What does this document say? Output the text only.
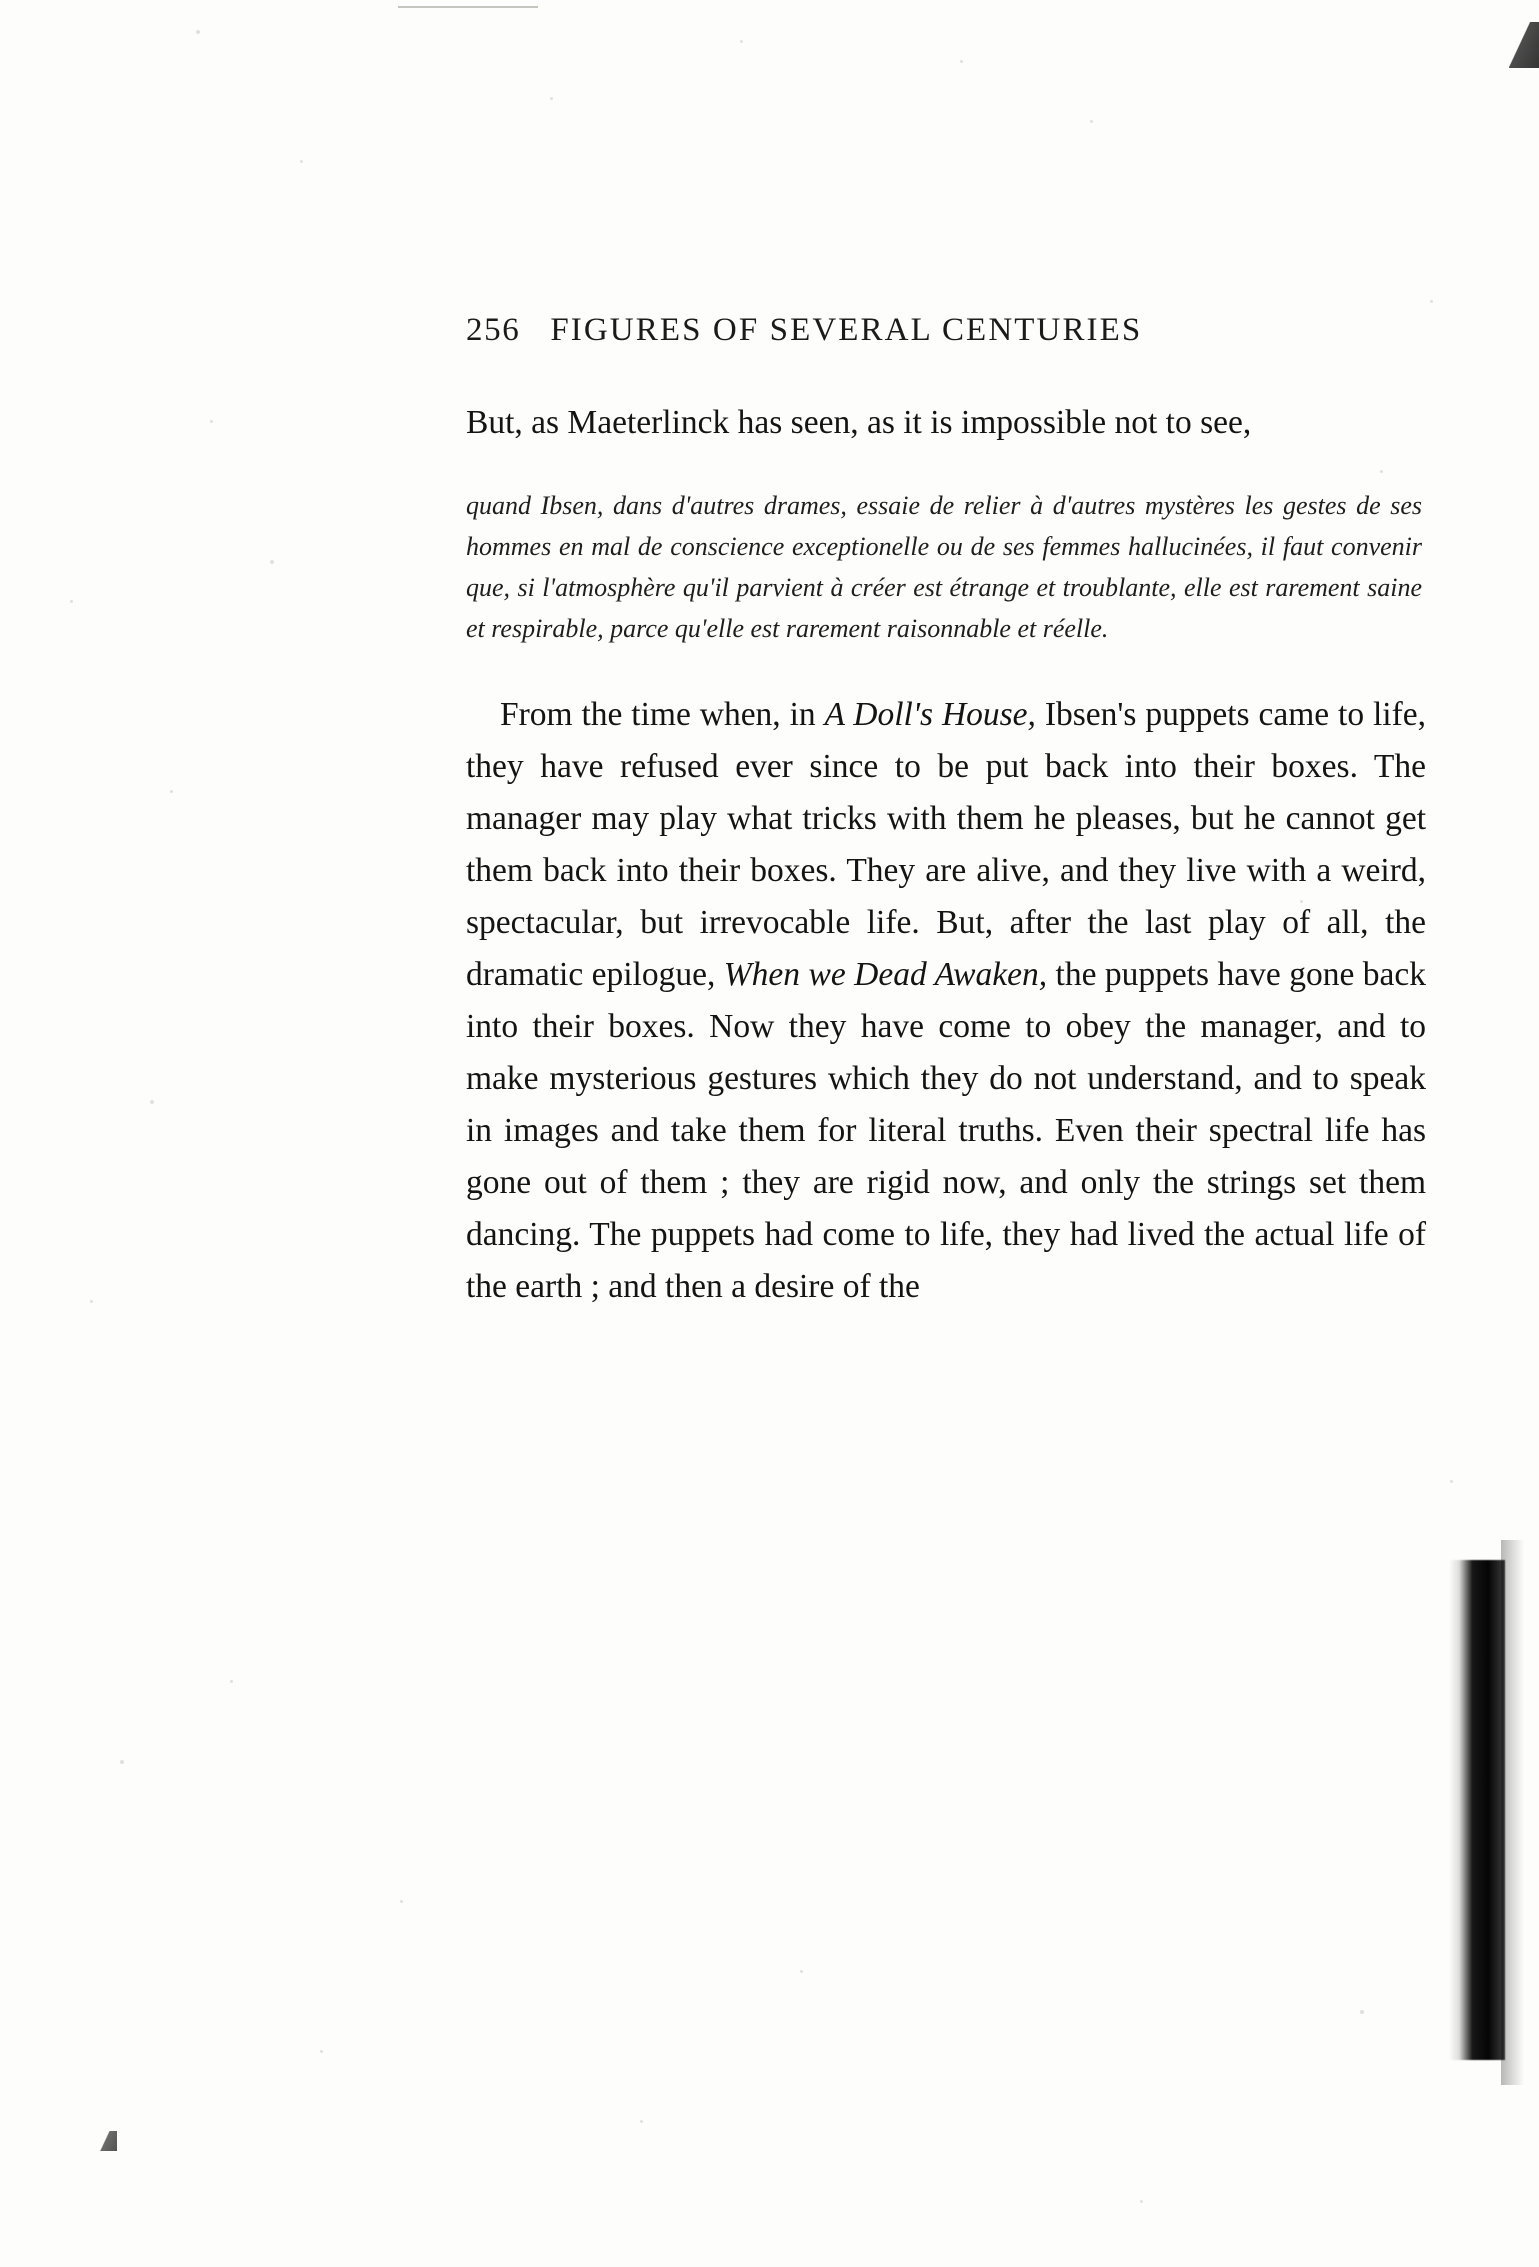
256 FIGURES OF SEVERAL CENTURIES

But, as Maeterlinck has seen, as it is impossible not to see,

quand Ibsen, dans d'autres drames, essaie de relier à d'autres mystères les gestes de ses hommes en mal de conscience exceptionelle ou de ses femmes hallucinées, il faut convenir que, si l'atmosphère qu'il parvient à créer est étrange et troublante, elle est rarement saine et respirable, parce qu'elle est rarement raisonnable et réelle.

From the time when, in A Doll's House, Ibsen's puppets came to life, they have refused ever since to be put back into their boxes. The manager may play what tricks with them he pleases, but he cannot get them back into their boxes. They are alive, and they live with a weird, spectacular, but irrevocable life. But, after the last play of all, the dramatic epilogue, When we Dead Awaken, the puppets have gone back into their boxes. Now they have come to obey the manager, and to make mysterious gestures which they do not understand, and to speak in images and take them for literal truths. Even their spectral life has gone out of them ; they are rigid now, and only the strings set them dancing. The puppets had come to life, they had lived the actual life of the earth ; and then a desire of the
